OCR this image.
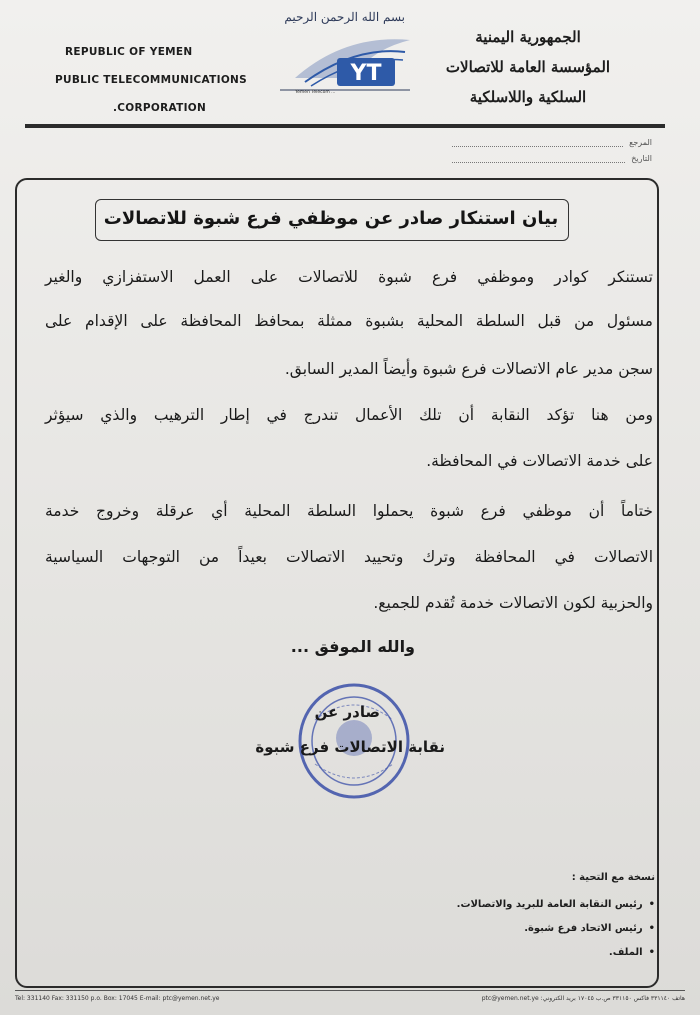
REPUBLIC OF YEMEN
PUBLIC TELECOMMUNICATIONS
.CORPORATION
بسم الله الرحمن الرحيم
YT
Yemen Telecom ...
الجمهورية اليمنية
المؤسسة العامة للاتصالات
السلكية واللاسلكية
المرجع
التاريخ
بيان استنكار صادر عن موظفي فرع شبوة للاتصالات
تستنكر كوادر وموظفي فرع شبوة للاتصالات على العمل الاستفزازي والغير
مسئول من قبل السلطة المحلية بشبوة ممثلة بمحافظ المحافظة على الإقدام على
سجن مدير عام الاتصالات فرع شبوة وأيضاً المدير السابق.
ومن هنا تؤكد النقابة أن تلك الأعمال تندرج في إطار الترهيب والذي سيؤثر
على خدمة الاتصالات في المحافظة.
ختاماً أن موظفي فرع شبوة يحملوا السلطة المحلية أي عرقلة وخروج خدمة
الاتصالات في المحافظة وترك وتحييد الاتصالات بعيداً من التوجهات السياسية
والحزبية لكون الاتصالات خدمة تُقدم للجميع.
والله الموفق ...
صادر عن
نقابة الاتصالات فرع شبوة
نسخة مع التحية :
• رئيس النقابة العامة للبريد والاتصالات.
• رئيس الاتحاد فرع شبوة.
• الملف.
Tel: 331140 Fax: 331150 p.o. Box: 17045 E-mail: ptc@yemen.net.ye	هاتف ٣٣١١٤٠ فاكس ٣٣١١٥٠ ص.ب ١٧٠٤٥ بريد الكتروني: ptc@yemen.net.ye
